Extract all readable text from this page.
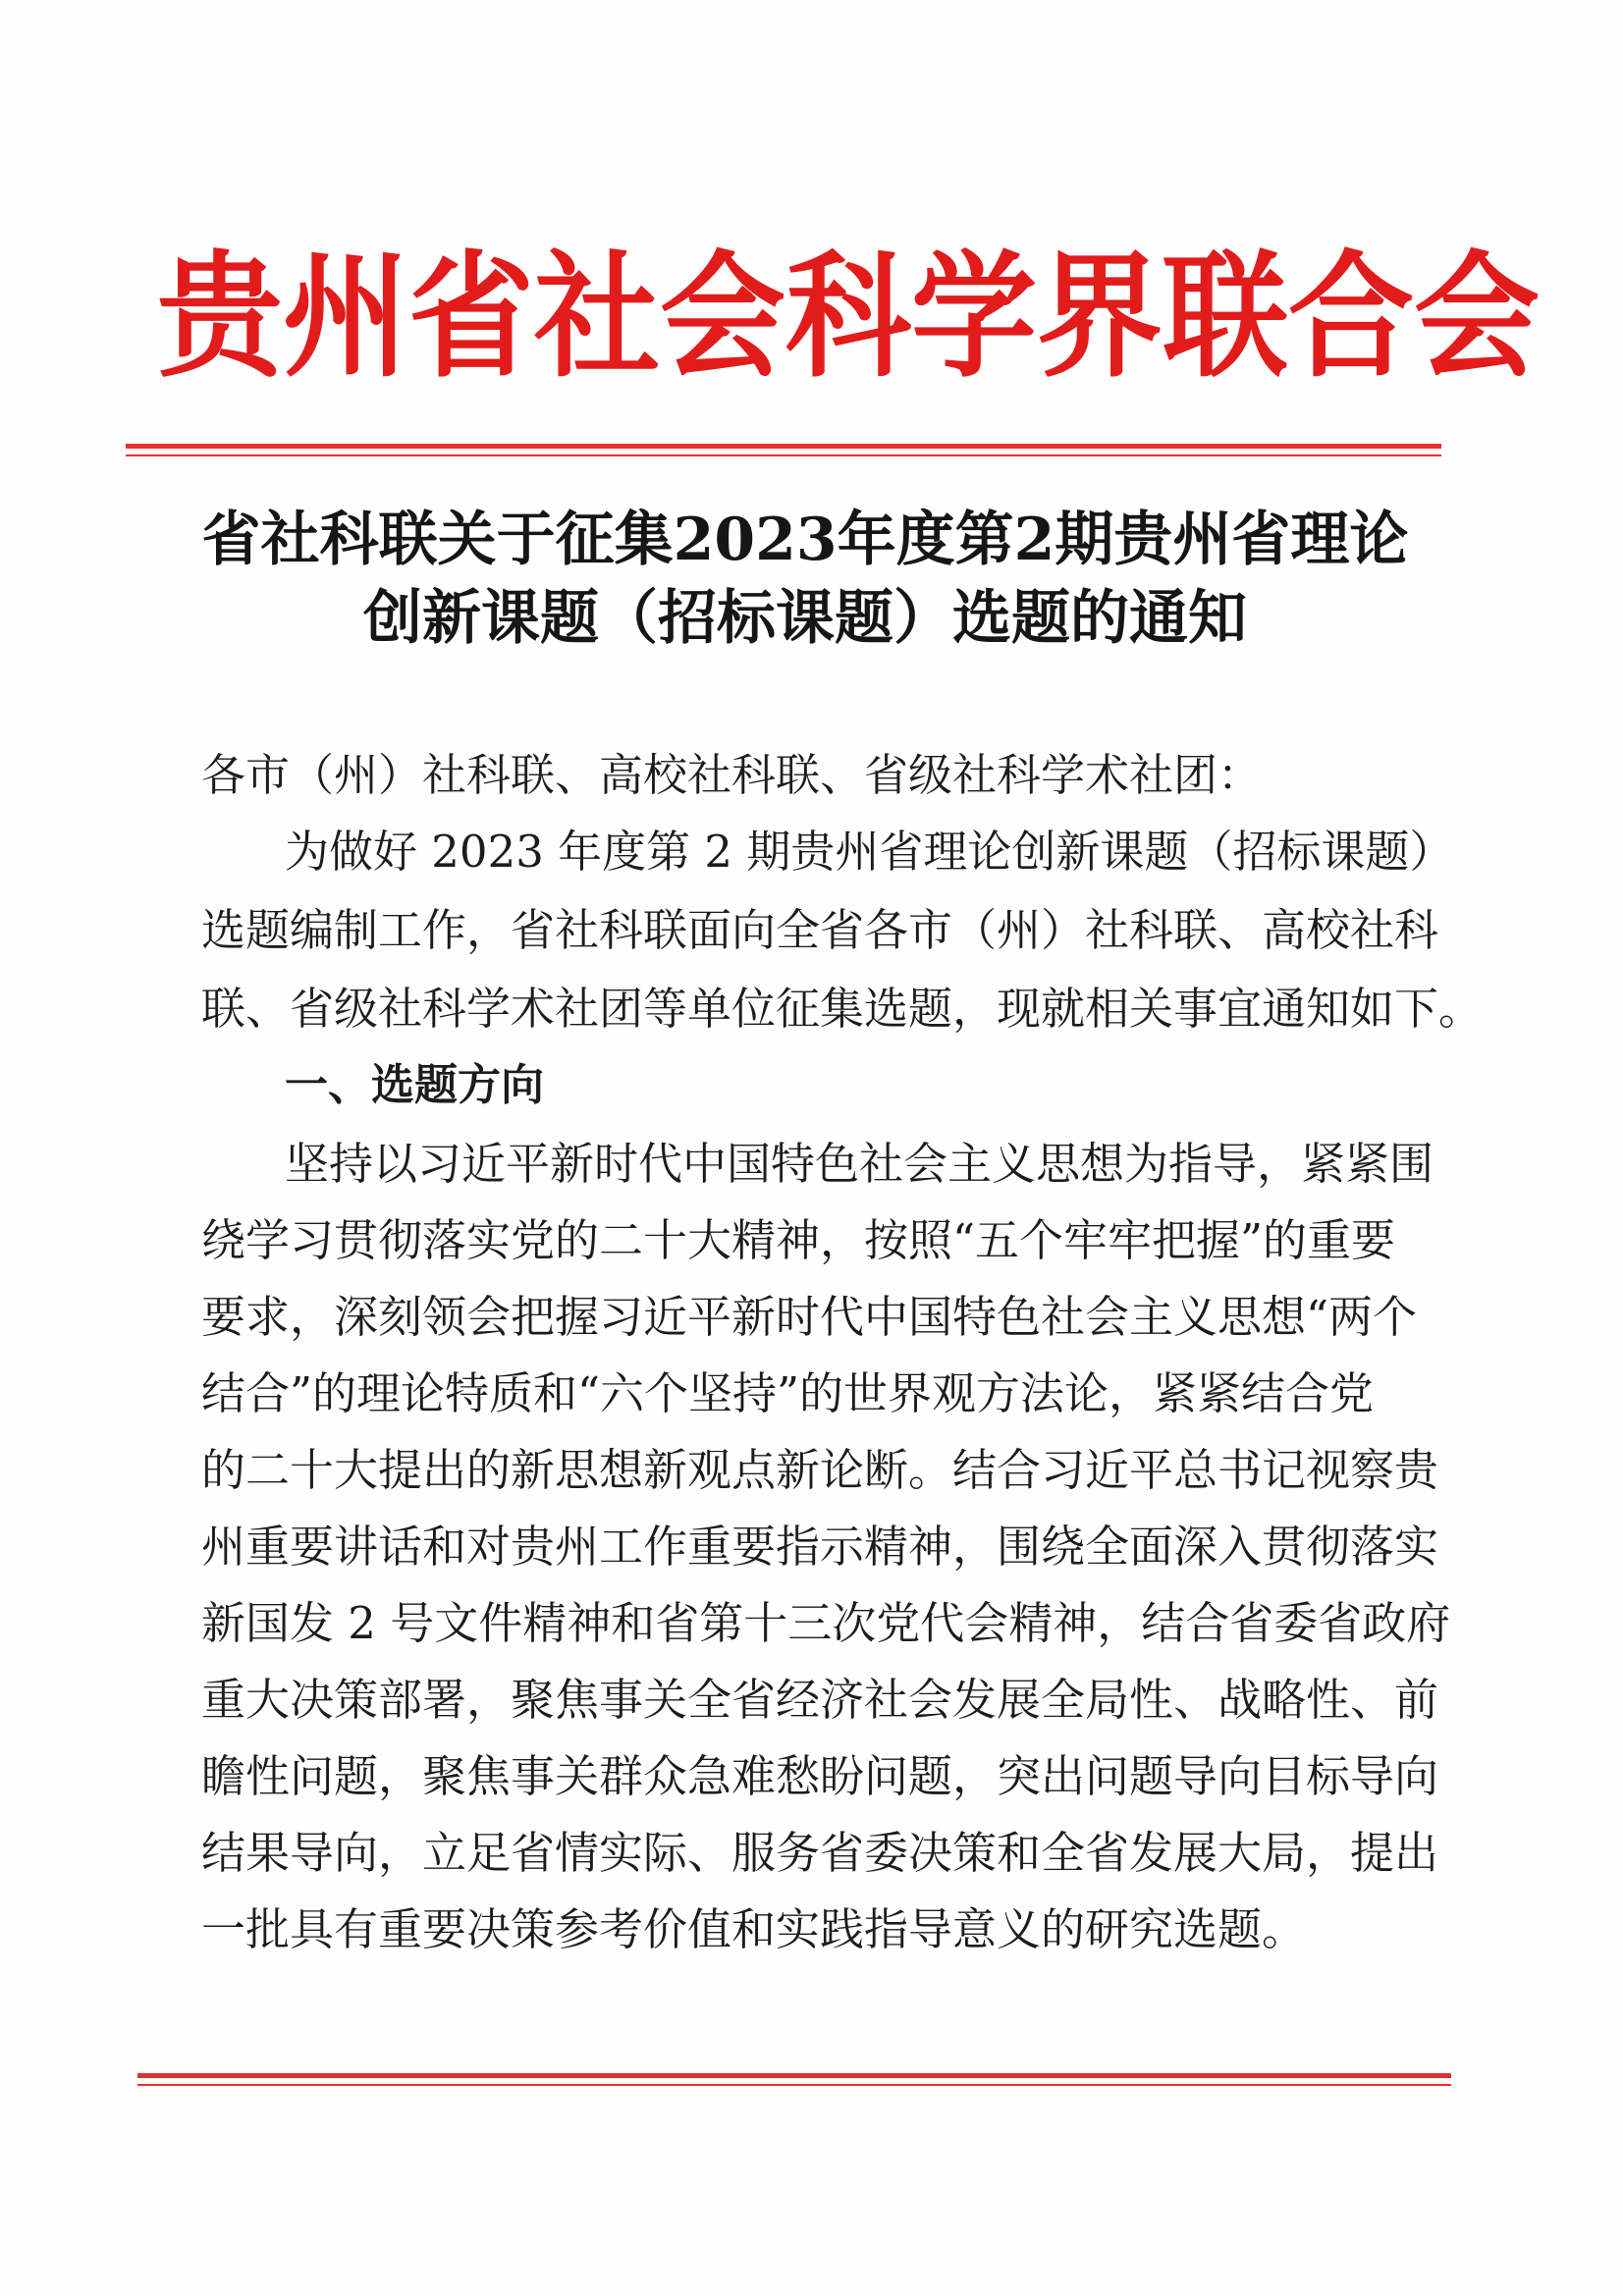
贵州省社会科学界联合会
省社科联关于征集2023年度第2期贵州省理论
创新课题（招标课题）选题的通知

各市（州）社科联、高校社科联、省级社科学术社团：

为做好 2023 年度第 2 期贵州省理论创新课题（招标课题）

选题编制工作，省社科联面向全省各市（州）社科联、高校社科

联、省级社科学术社团等单位征集选题，现就相关事宜通知如下。

一、选题方向

坚持以习近平新时代中国特色社会主义思想为指导，紧紧围

绕学习贯彻落实党的二十大精神，按照“五个牢牢把握”的重要

要求，深刻领会把握习近平新时代中国特色社会主义思想“两个

结合”的理论特质和“六个坚持”的世界观方法论，紧紧结合党

的二十大提出的新思想新观点新论断。结合习近平总书记视察贵

州重要讲话和对贵州工作重要指示精神，围绕全面深入贯彻落实

新国发 2 号文件精神和省第十三次党代会精神，结合省委省政府

重大决策部署，聚焦事关全省经济社会发展全局性、战略性、前

瞻性问题，聚焦事关群众急难愁盼问题，突出问题导向目标导向

结果导向，立足省情实际、服务省委决策和全省发展大局，提出

一批具有重要决策参考价值和实践指导意义的研究选题。
